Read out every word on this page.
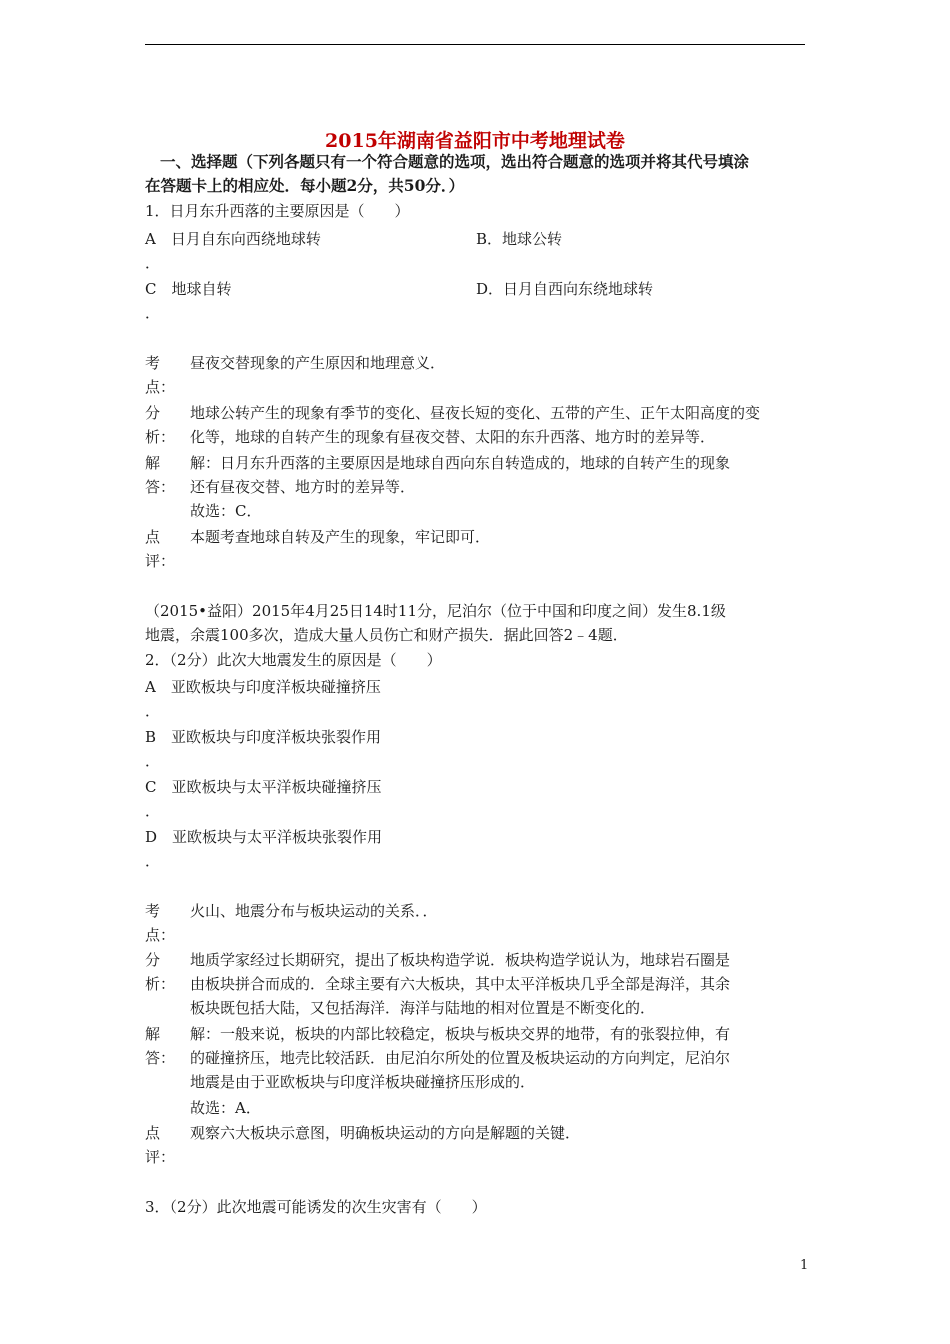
2015年湖南省益阳市中考地理试卷
一、选择题（下列各题只有一个符合题意的选项，选出符合题意的选项并将其代号填涂
在答题卡上的相应处．每小题2分，共50分．）
1．日月东升西落的主要原因是（　　）
A　日月自东向西绕地球转	B．地球公转
．
C　地球自转	D．日月自西向东绕地球转
．
考 昼夜交替现象的产生原因和地理意义．
点：
分 地球公转产生的现象有季节的变化、昼夜长短的变化、五带的产生、正午太阳高度的变
析： 化等，地球的自转产生的现象有昼夜交替、太阳的东升西落、地方时的差异等．
解 解：日月东升西落的主要原因是地球自西向东自转造成的，地球的自转产生的现象
答： 还有昼夜交替、地方时的差异等．
故选：C．
点 本题考查地球自转及产生的现象，牢记即可．
评：
（2015•益阳）2015年4月25日14时11分，尼泊尔（位于中国和印度之间）发生8.1级
地震，余震100多次，造成大量人员伤亡和财产损失．据此回答2﹣4题．
2．（2分）此次大地震发生的原因是（　　）
A　亚欧板块与印度洋板块碰撞挤压
．
B　亚欧板块与印度洋板块张裂作用
．
C　亚欧板块与太平洋板块碰撞挤压
．
D　亚欧板块与太平洋板块张裂作用
．
考 火山、地震分布与板块运动的关系．．
点：
分 地质学家经过长期研究，提出了板块构造学说．板块构造学说认为，地球岩石圈是
析： 由板块拼合而成的．全球主要有六大板块，其中太平洋板块几乎全部是海洋，其余
板块既包括大陆，又包括海洋．海洋与陆地的相对位置是不断变化的．
解 解：一般来说，板块的内部比较稳定，板块与板块交界的地带，有的张裂拉伸，有
答： 的碰撞挤压，地壳比较活跃．由尼泊尔所处的位置及板块运动的方向判定，尼泊尔
地震是由于亚欧板块与印度洋板块碰撞挤压形成的．
故选：A．
点 观察六大板块示意图，明确板块运动的方向是解题的关键．
评：
3．（2分）此次地震可能诱发的次生灾害有（　　）
1
